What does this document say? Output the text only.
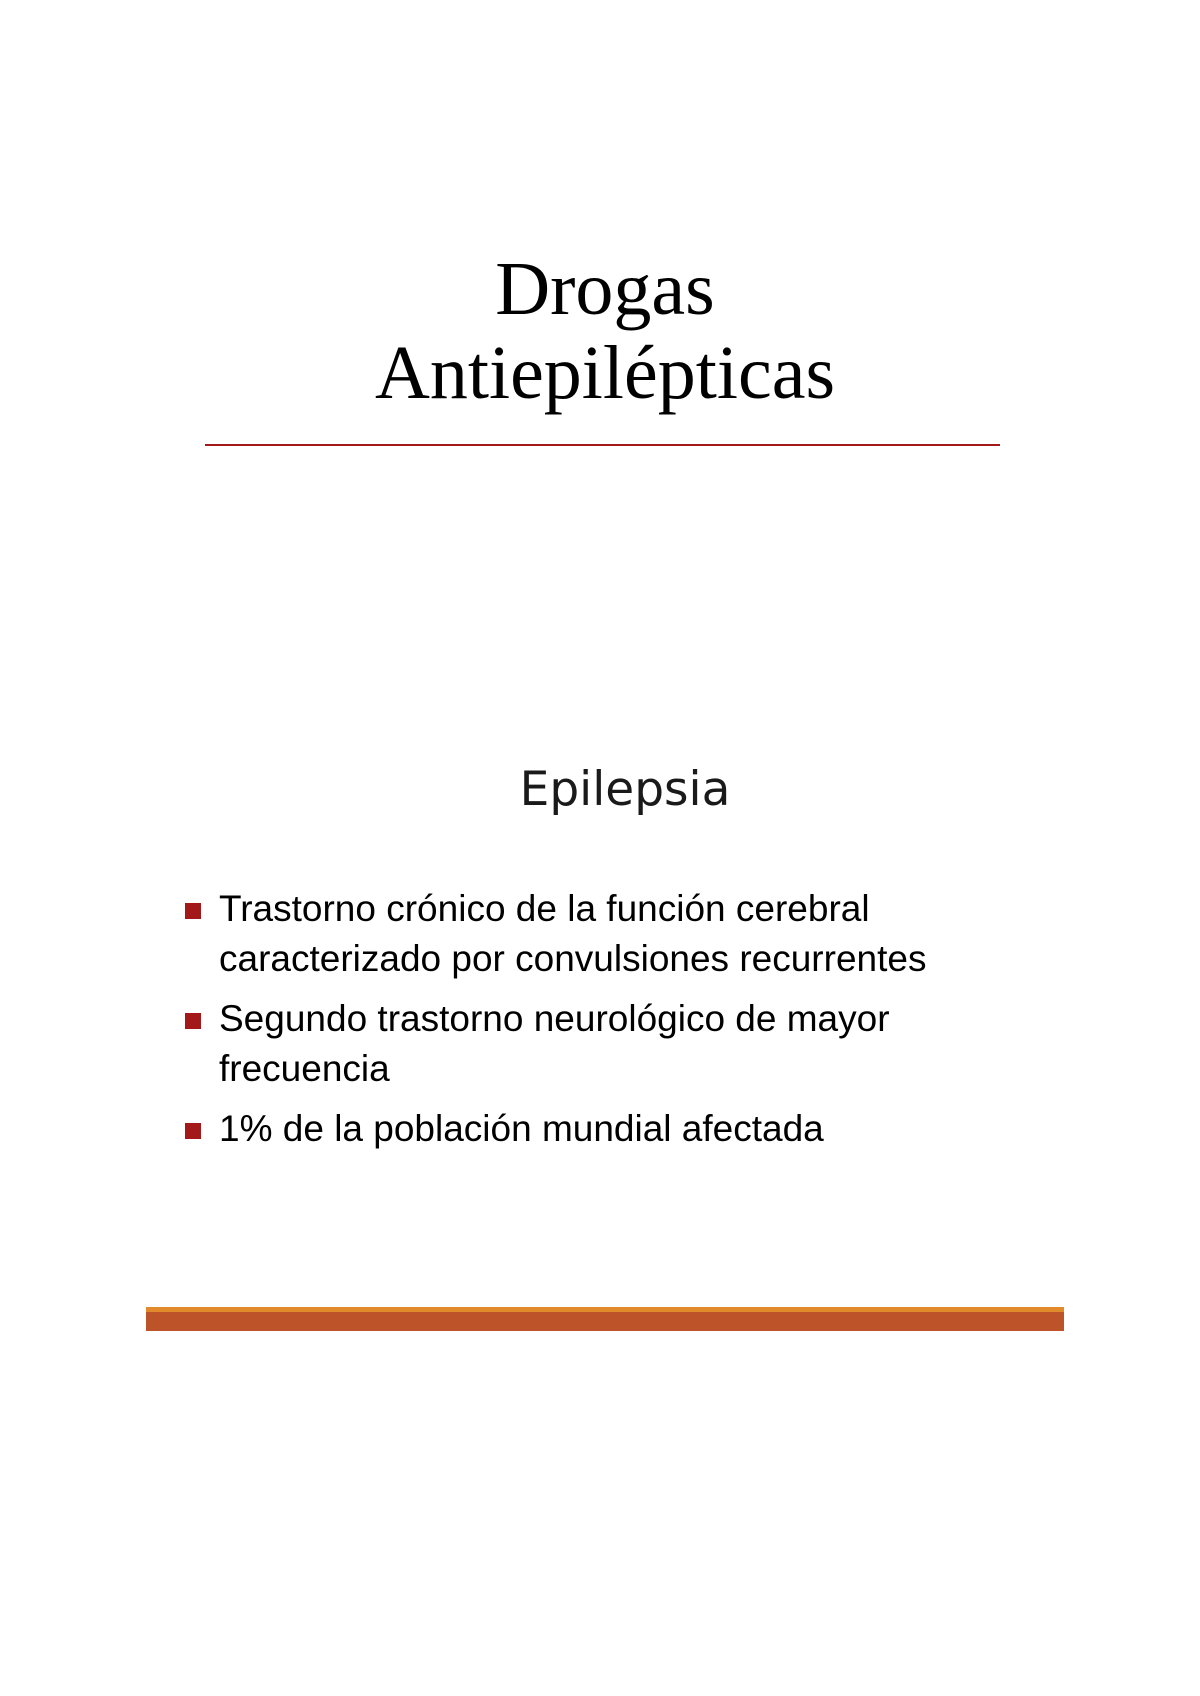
Drogas
Antiepilépticas
Epilepsia
Trastorno crónico de la función cerebral caracterizado por convulsiones recurrentes
Segundo trastorno neurológico de mayor frecuencia
1% de la población mundial afectada
